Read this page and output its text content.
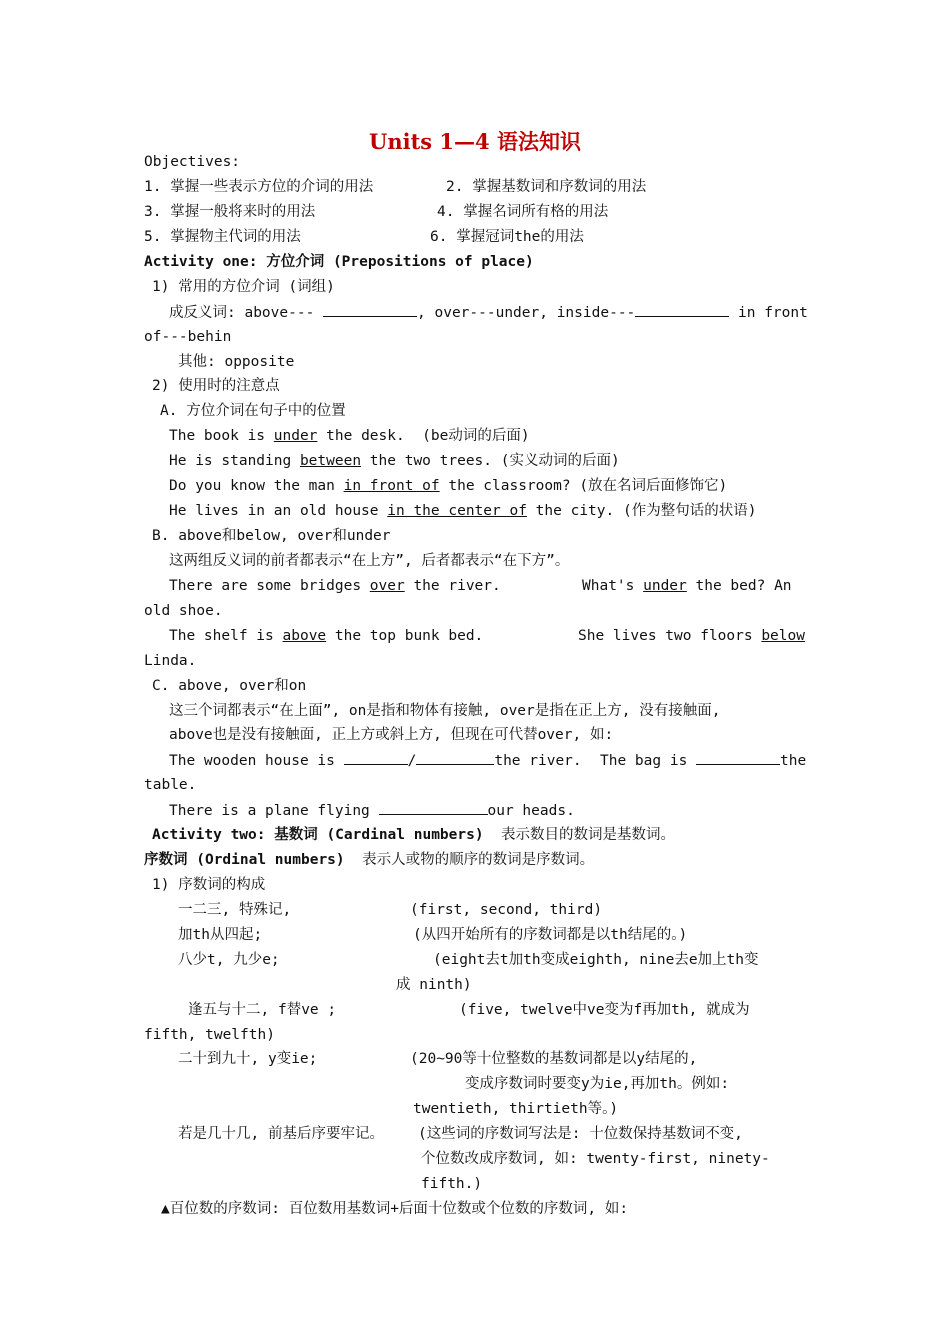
Units 1—4 语法知识
Objectives:
1. 掌握一些表示方位的介词的用法	2. 掌握基数词和序数词的用法
3. 掌握一般将来时的用法	4. 掌握名词所有格的用法
5. 掌握物主代词的用法	6. 掌握冠词the的用法
Activity one: 方位介词 (Prepositions of place)
1) 常用的方位介词 (词组)
成反义词: above---	, over---under, inside---	in front
of---behin
其他: opposite
2) 使用时的注意点
A. 方位介词在句子中的位置
The book is under the desk.  (be动词的后面)
He is standing between the two trees. (实义动词的后面)
Do you know the man in front of the classroom? (放在名词后面修饰它)
He lives in an old house in the center of the city. (作为整句话的状语)
B. above和below, over和under
这两组反义词的前者都表示“在上方”, 后者都表示“在下方”。
There are some bridges over the river.	What's under the bed? An
old shoe.
The shelf is above the top bunk bed.	She lives two floors below
Linda.
C. above, over和on
这三个词都表示“在上面”, on是指和物体有接触, over是指在正上方, 没有接触面,
above也是没有接触面, 正上方或斜上方, 但现在可代替over, 如:
The wooden house is	/	the river. The bag is	the
table.
There is a plane flying	our heads.
Activity two: 基数词 (Cardinal numbers)  表示数目的数词是基数词。
序数词 (Ordinal numbers)  表示人或物的顺序的数词是序数词。
1) 序数词的构成
一二三, 特殊记,	(first, second, third)
加th从四起;	(从四开始所有的序数词都是以th结尾的。)
八少t, 九少e;	(eight去t加th变成eighth, nine去e加上th变
成 ninth)
逢五与十二, f替ve ;	(five, twelve中ve变为f再加th, 就成为
fifth, twelfth)
二十到九十, y变ie;	(20~90等十位整数的基数词都是以y结尾的,
变成序数词时要变y为ie,再加th。例如:
twentieth, thirtieth等。)
若是几十几, 前基后序要牢记。 (这些词的序数词写法是: 十位数保持基数词不变,
个位数改成序数词, 如: twenty-first, ninety-
fifth.)
▲百位数的序数词: 百位数用基数词+后面十位数或个位数的序数词, 如:
